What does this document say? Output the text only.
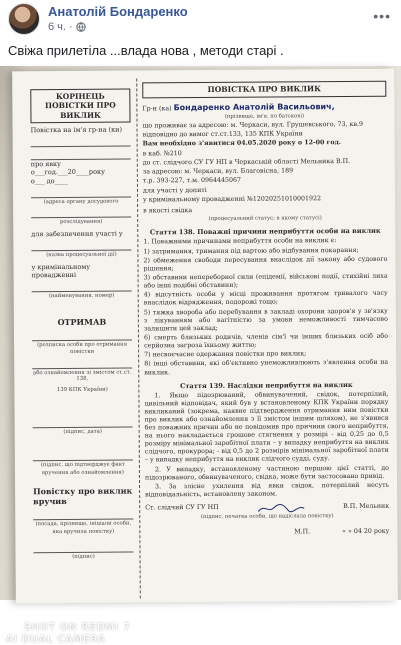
Анатолій Бондаренко
6 ч. ·
•••
Свіжа прилетіла ...влада нова , методи старі .
КОРІНЕЦЬ ПОВІСТКИ ПРО ВИКЛИК
Повістка на ім'я гр-на (ки)
про явку
о___год.___20____року
о___ до____
(адреса органу досудового
розслідування)
для забезпечення участі у
(назва процесуальної дії)
у кримінальному провадженні
(найменування, номер)
ОТРИМАВ
(розписка особи про отримання повістки
або ознайомлення зі змістом ст.ст. 138,
139 КПК України)
(підпис, дата)
(підпис, що підтверджує факт
вручення або ознайомлення)
Повістку про виклик вручив
(посада, прізвище, ініціали особи,
яка вручила повістку)
(підпис)
ПОВІСТКА ПРО ВИКЛИК

Гр-н (ка) Бондаренко Анатолій Васильович,

(прізвище, ім'я, по батькові)

що проживає за адресою: м. Черкаси, вул. Грушевського, 73, кв.9

відповідно до вимог ст.ст.133, 135 КПК України

Вам необхідно з'явитися 04.05.2020 року о 12-00 год.

в каб. №210

до ст. слідчого СУ ГУ НП в Черкаській області Мельника В.П.

за адресою: м. Черкаси, вул. Благовісна, 189

т.р. 393-227, т.м. 0964445067

для участі у допиті

у кримінальному провадженні №12020251010001922

в якості свідка

(процесуальний статус; в якому статусі)

Стаття 138. Поважні причини неприбуття особи на виклик

1. Поважними причинами неприбуття особи на виклик є:

1) затримання, тримання під вартою або відбування покарання;

2) обмеження свободи пересування внаслідок дії закону або судового рішення;

3) обставини непереборної сили (епідемії, військові події, стихійні лиха або інші подібні обставини);

4) відсутність особи у місці проживання протягом тривалого часу внаслідок відрядження, подорожі тощо;

5) тяжка хвороба або перебування в закладі охорони здоров'я у зв'язку з лікуванням або вагітністю за умови неможливості тимчасово залишити цей заклад;

6) смерть близьких родичів, членів сім'ї чи інших близьких осіб або серйозна загроза їхньому життю;

7) несвоєчасне одержання повістки про виклик;

8) інші обставини, які об'єктивно унеможливлюють з'явлення особи на виклик.

Стаття 139. Наслідки неприбуття на виклик

1. Якщо підозрюваний, обвинувачений, свідок, потерпілий, цивільний відповідач, який був у встановленому КПК України порядку викликаний (зокрема, наявне підтвердження отримання ним повістки про виклик або ознайомлення з її змістом іншим шляхом), не з'явився без поважних причин або не повідомив про причини свого неприбуття, на нього накладається грошове стягнення у розмірі - від 0,25 до 0,5 розміру мінімальної заробітної плати – у випадку неприбуття на виклик слідчого, прокурора; - від 0,5 до 2 розмірів мінімальної заробітної плати – у випадку неприбуття на виклик слідчого судді, суду.

2. У випадку, встановленому частиною першою цієї статті, до підозрюваного, обвинуваченого, свідка, може бути застосовано привід.

3. За злісне ухилення від явки свідок, потерпілий несуть відповідальність, встановлену законом.

Ст. слідчий СУ ГУ НП	В.П. Мельник

(підпис, печатка особи, що надіслала повістку)

М.П.	« » 04 20 року
SHOT ON REDMI 7
AI DUAL CAMERA
